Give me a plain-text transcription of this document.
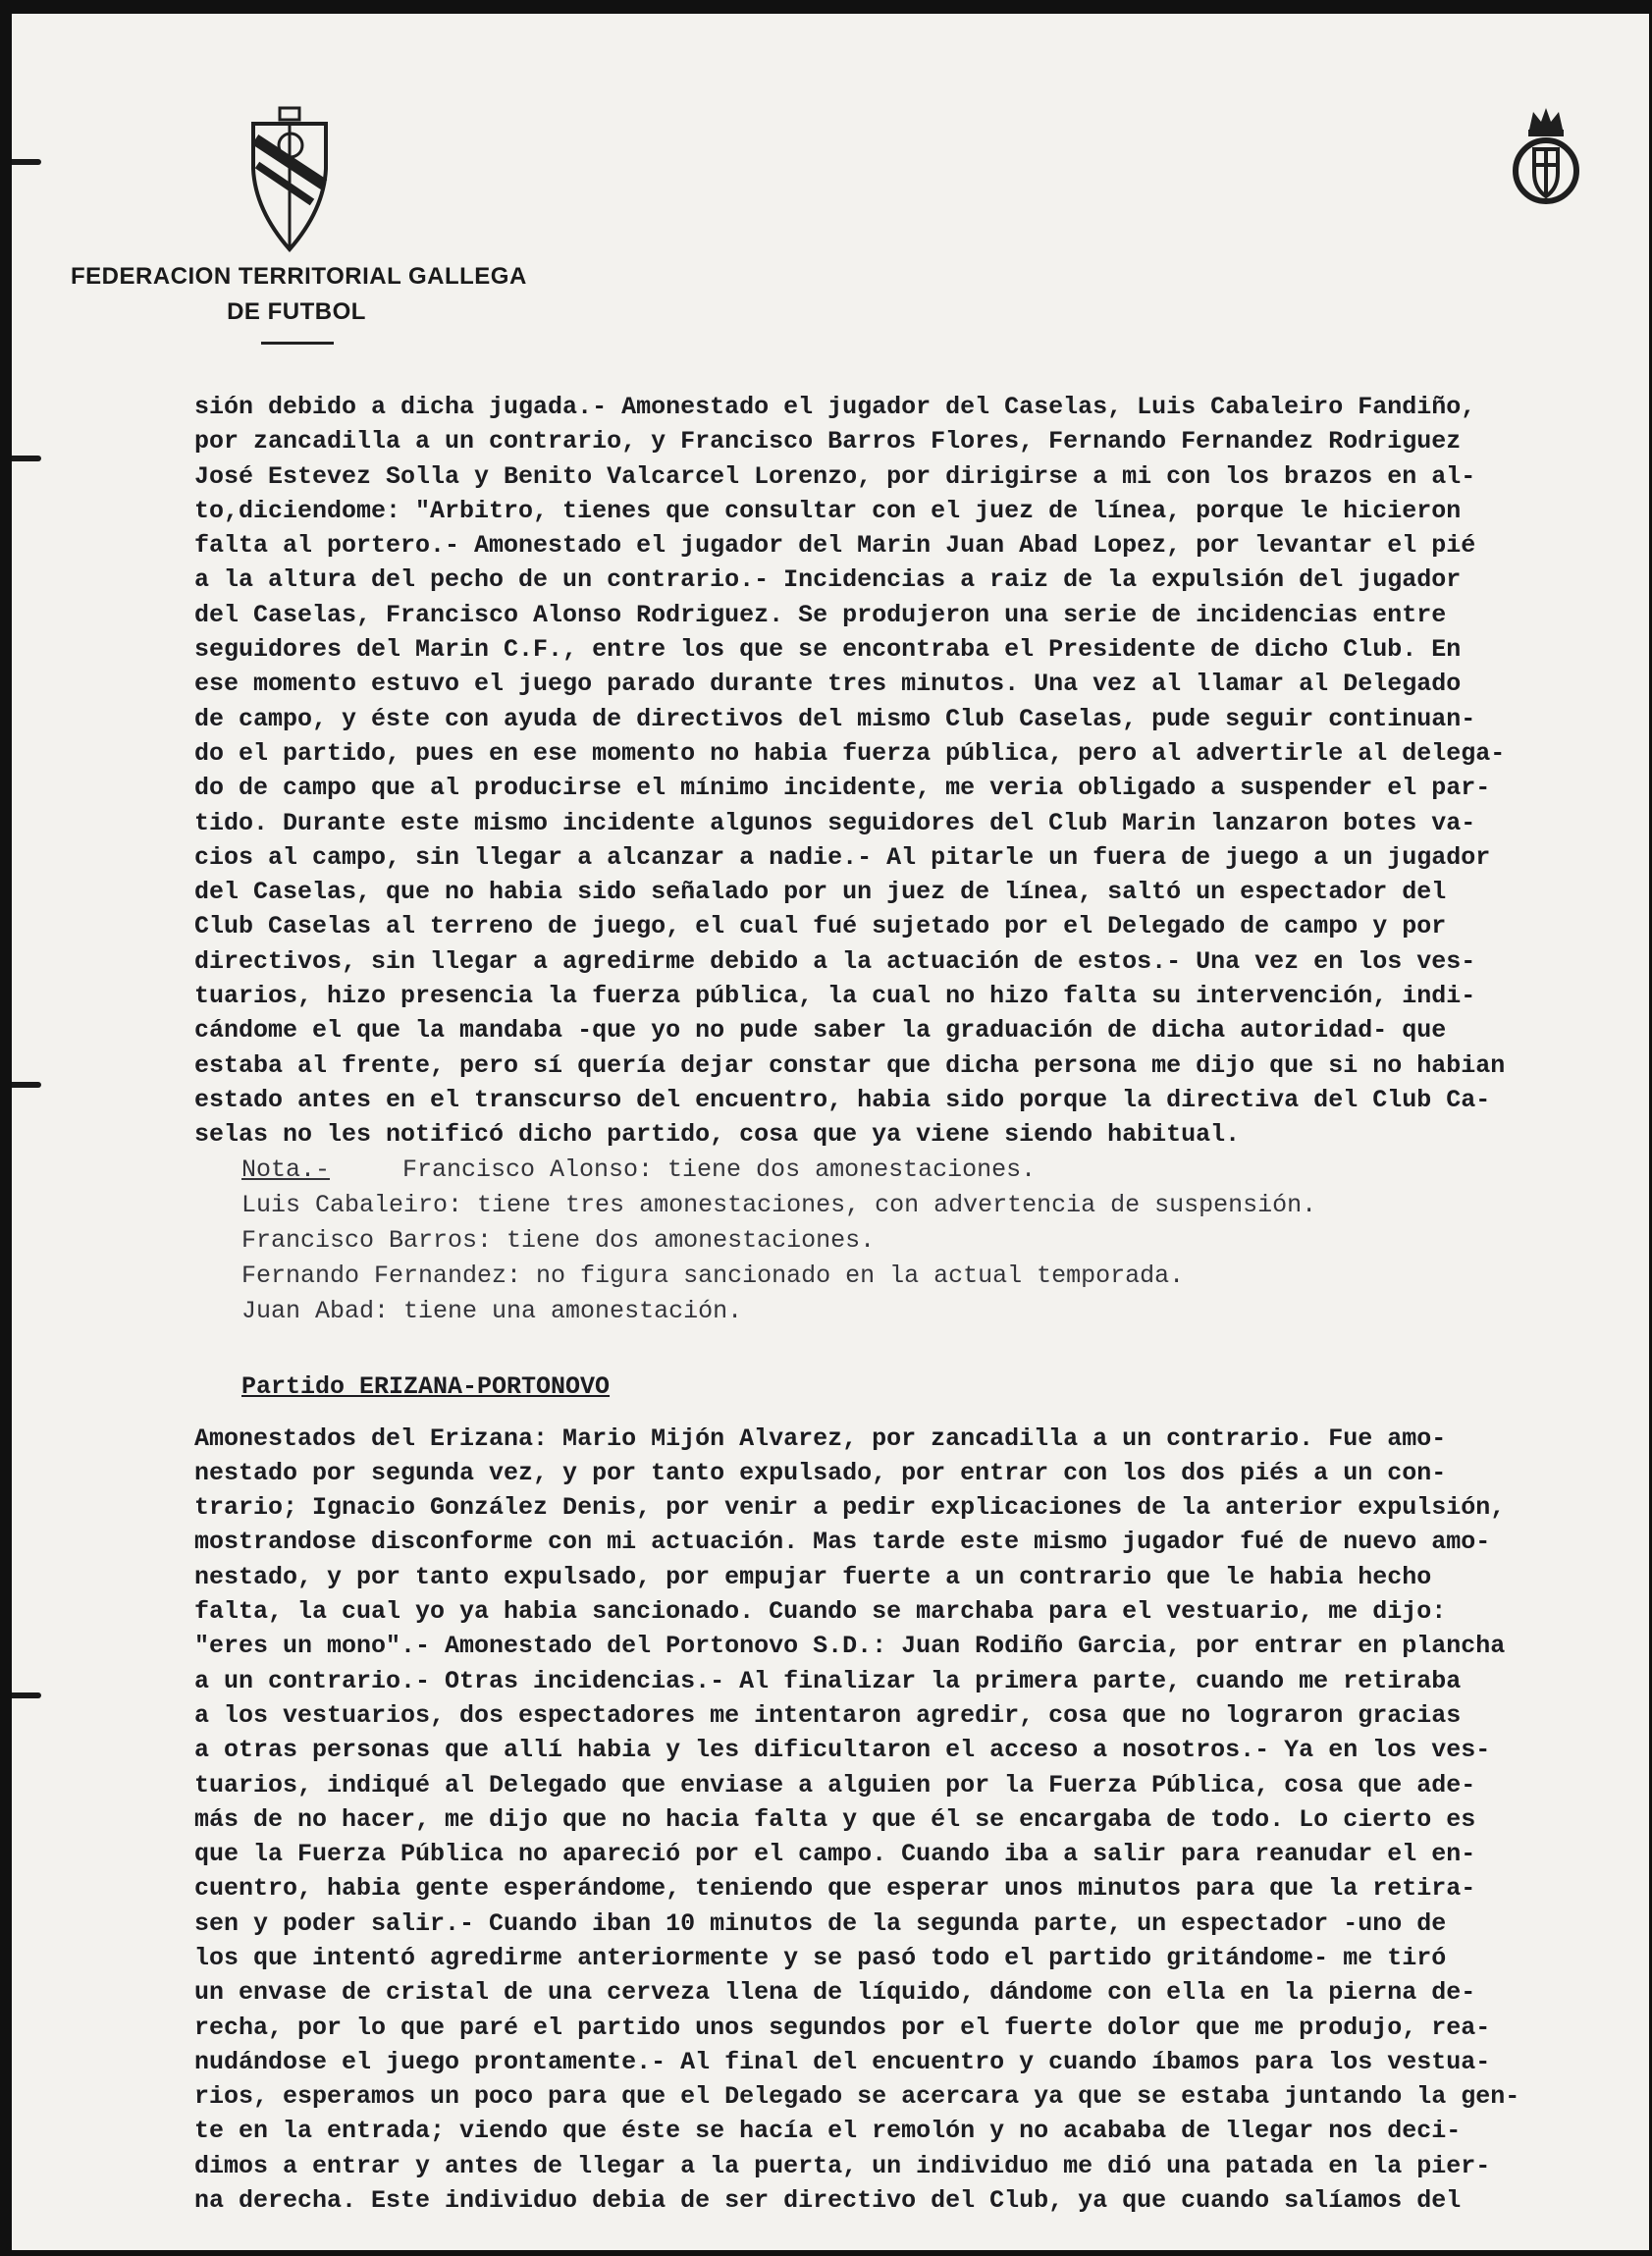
FEDERACION TERRITORIAL GALLEGA
DE FUTBOL
sión debido a dicha jugada.- Amonestado el jugador del Caselas, Luis Cabaleiro Fandiño,
por zancadilla a un contrario, y Francisco Barros Flores, Fernando Fernandez Rodriguez
José Estevez Solla y Benito Valcarcel Lorenzo, por dirigirse a mi con los brazos en al-
to,diciendome: "Arbitro, tienes que consultar con el juez de línea, porque le hicieron
falta al portero.- Amonestado el jugador del Marin Juan Abad Lopez, por levantar el pié
a la altura del pecho de un contrario.- Incidencias a raiz de la expulsión del jugador
del Caselas, Francisco Alonso Rodriguez. Se produjeron una serie de incidencias entre
seguidores del Marin C.F., entre los que se encontraba el Presidente de dicho Club. En
ese momento estuvo el juego parado durante tres minutos. Una vez al llamar al Delegado
de campo, y éste con ayuda de directivos del mismo Club Caselas, pude seguir continuan-
do el partido, pues en ese momento no habia fuerza pública, pero al advertirle al delega-
do de campo que al producirse el mínimo incidente, me veria obligado a suspender el par-
tido. Durante este mismo incidente algunos seguidores del Club Marin lanzaron botes va-
cios al campo, sin llegar a alcanzar a nadie.- Al pitarle un fuera de juego a un jugador
del Caselas, que no habia sido señalado por un juez de línea, saltó un espectador del
Club Caselas al terreno de juego, el cual fué sujetado por el Delegado de campo y por
directivos, sin llegar a agredirme debido a la actuación de estos.- Una vez en los ves-
tuarios, hizo presencia la fuerza pública, la cual no hizo falta su intervención, indi-
cándome el que la mandaba -que yo no pude saber la graduación de dicha autoridad- que
estaba al frente, pero sí quería dejar constar que dicha persona me dijo que si no habian
estado antes en el transcurso del encuentro, habia sido porque la directiva del Club Ca-
selas no les notificó dicho partido, cosa que ya viene siendo habitual.
Nota.-	Francisco Alonso: tiene dos amonestaciones.
Luis Cabaleiro: tiene tres amonestaciones, con advertencia de suspensión.
Francisco Barros: tiene dos amonestaciones.
Fernando Fernandez: no figura sancionado en la actual temporada.
Juan Abad: tiene una amonestación.
Partido ERIZANA-PORTONOVO
Amonestados del Erizana: Mario Mijón Alvarez, por zancadilla a un contrario. Fue amo-
nestado por segunda vez, y por tanto expulsado, por entrar con los dos piés a un con-
trario; Ignacio González Denis, por venir a pedir explicaciones de la anterior expulsión,
mostrandose disconforme con mi actuación. Mas tarde este mismo jugador fué de nuevo amo-
nestado, y por tanto expulsado, por empujar fuerte a un contrario que le habia hecho
falta, la cual yo ya habia sancionado. Cuando se marchaba para el vestuario, me dijo:
"eres un mono".- Amonestado del Portonovo S.D.: Juan Rodiño Garcia, por entrar en plancha
a un contrario.- Otras incidencias.- Al finalizar la primera parte, cuando me retiraba
a los vestuarios, dos espectadores me intentaron agredir, cosa que no lograron gracias
a otras personas que allí habia y les dificultaron el acceso a nosotros.- Ya en los ves-
tuarios, indiqué al Delegado que enviase a alguien por la Fuerza Pública, cosa que ade-
más de no hacer, me dijo que no hacia falta y que él se encargaba de todo. Lo cierto es
que la Fuerza Pública no apareció por el campo. Cuando iba a salir para reanudar el en-
cuentro, habia gente esperándome, teniendo que esperar unos minutos para que la retira-
sen y poder salir.- Cuando iban 10 minutos de la segunda parte, un espectador -uno de
los que intentó agredirme anteriormente y se pasó todo el partido gritándome- me tiró
un envase de cristal de una cerveza llena de líquido, dándome con ella en la pierna de-
recha, por lo que paré el partido unos segundos por el fuerte dolor que me produjo, rea-
nudándose el juego prontamente.- Al final del encuentro y cuando íbamos para los vestua-
rios, esperamos un poco para que el Delegado se acercara ya que se estaba juntando la gen-
te en la entrada; viendo que éste se hacía el remolón y no acababa de llegar nos deci-
dimos a entrar y antes de llegar a la puerta, un individuo me dió una patada en la pier-
na derecha. Este individuo debia de ser directivo del Club, ya que cuando salíamos del
